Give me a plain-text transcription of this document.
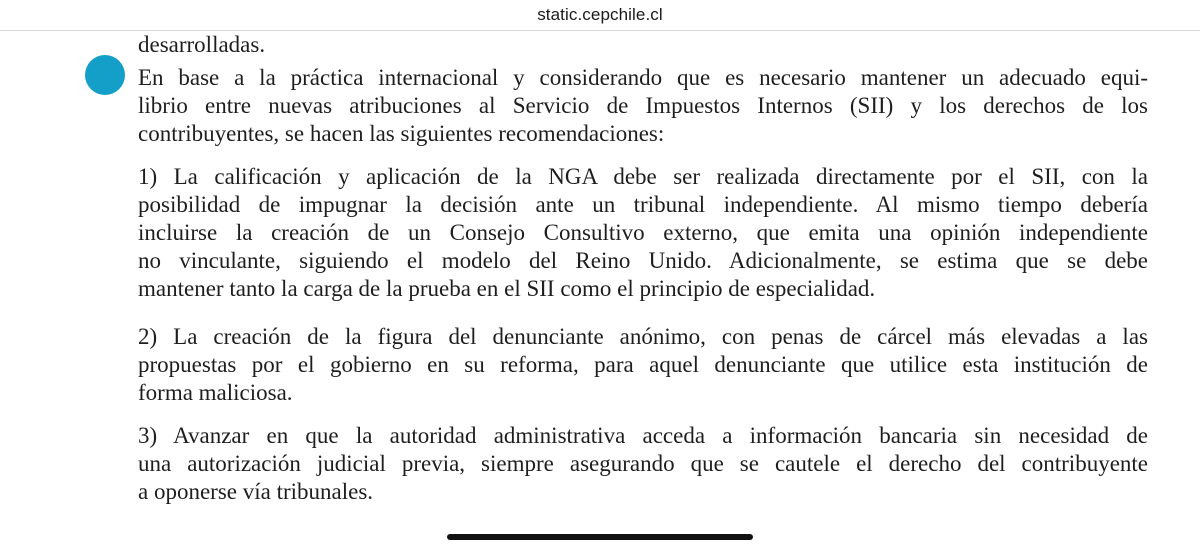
static.cepchile.cl

desarrolladas.

En base a la práctica internacional y considerando que es necesario mantener un adecuado equi-
librio entre nuevas atribuciones al Servicio de Impuestos Internos (SII) y los derechos de los
contribuyentes, se hacen las siguientes recomendaciones:

1) La calificación y aplicación de la NGA debe ser realizada directamente por el SII, con la
posibilidad de impugnar la decisión ante un tribunal independiente. Al mismo tiempo debería
incluirse la creación de un Consejo Consultivo externo, que emita una opinión independiente
no vinculante, siguiendo el modelo del Reino Unido. Adicionalmente, se estima que se debe
mantener tanto la carga de la prueba en el SII como el principio de especialidad.

2) La creación de la figura del denunciante anónimo, con penas de cárcel más elevadas a las
propuestas por el gobierno en su reforma, para aquel denunciante que utilice esta institución de
forma maliciosa.

3) Avanzar en que la autoridad administrativa acceda a información bancaria sin necesidad de
una autorización judicial previa, siempre asegurando que se cautele el derecho del contribuyente
a oponerse vía tribunales.
